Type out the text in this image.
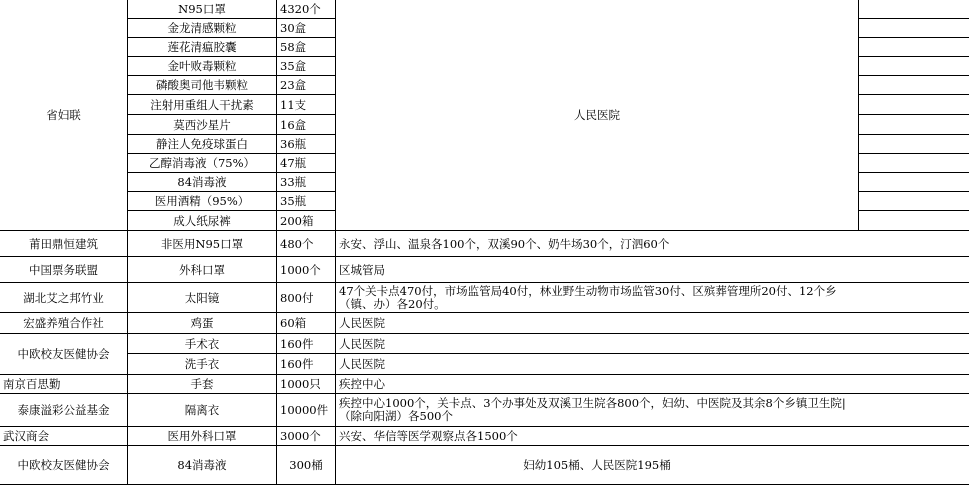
省妇联
莆田鼎恒建筑
中国票务联盟
湖北艾之邦竹业
宏盛养殖合作社
中欧校友医健协会
南京百思勤
泰康溢彩公益基金
武汉商会
中欧校友医健协会
N95口罩
金龙清感颗粒
莲花清瘟胶囊
金叶败毒颗粒
磷酸奥司他韦颗粒
注射用重组人干扰素
莫西沙星片
静注人免疫球蛋白
乙醇消毒液（75%）
84消毒液
医用酒精（95%）
成人纸尿裤
非医用N95口罩
外科口罩
太阳镜
鸡蛋
手术衣
洗手衣
手套
隔离衣
医用外科口罩
84消毒液
4320个
30盒
58盒
35盒
23盒
11支
16盒
36瓶
47瓶
33瓶
35瓶
200箱
480个
1000个
800付
60箱
160件
160件
1000只
10000件
3000个
300桶
人民医院
永安、浮山、温泉各100个，双溪90个、奶牛场30个，汀泗60个
区城管局
47个关卡点470付，市场监管局40付，林业野生动物市场监管30付、区殡葬管理所20付、12个乡（镇、办）各20付。
人民医院
人民医院
人民医院
疾控中心
疾控中心1000个，关卡点、3个办事处及双溪卫生院各800个，妇幼、中医院及其余8个乡镇卫生院|（除向阳湖）各500个
兴安、华信等医学观察点各1500个
妇幼105桶、人民医院195桶
